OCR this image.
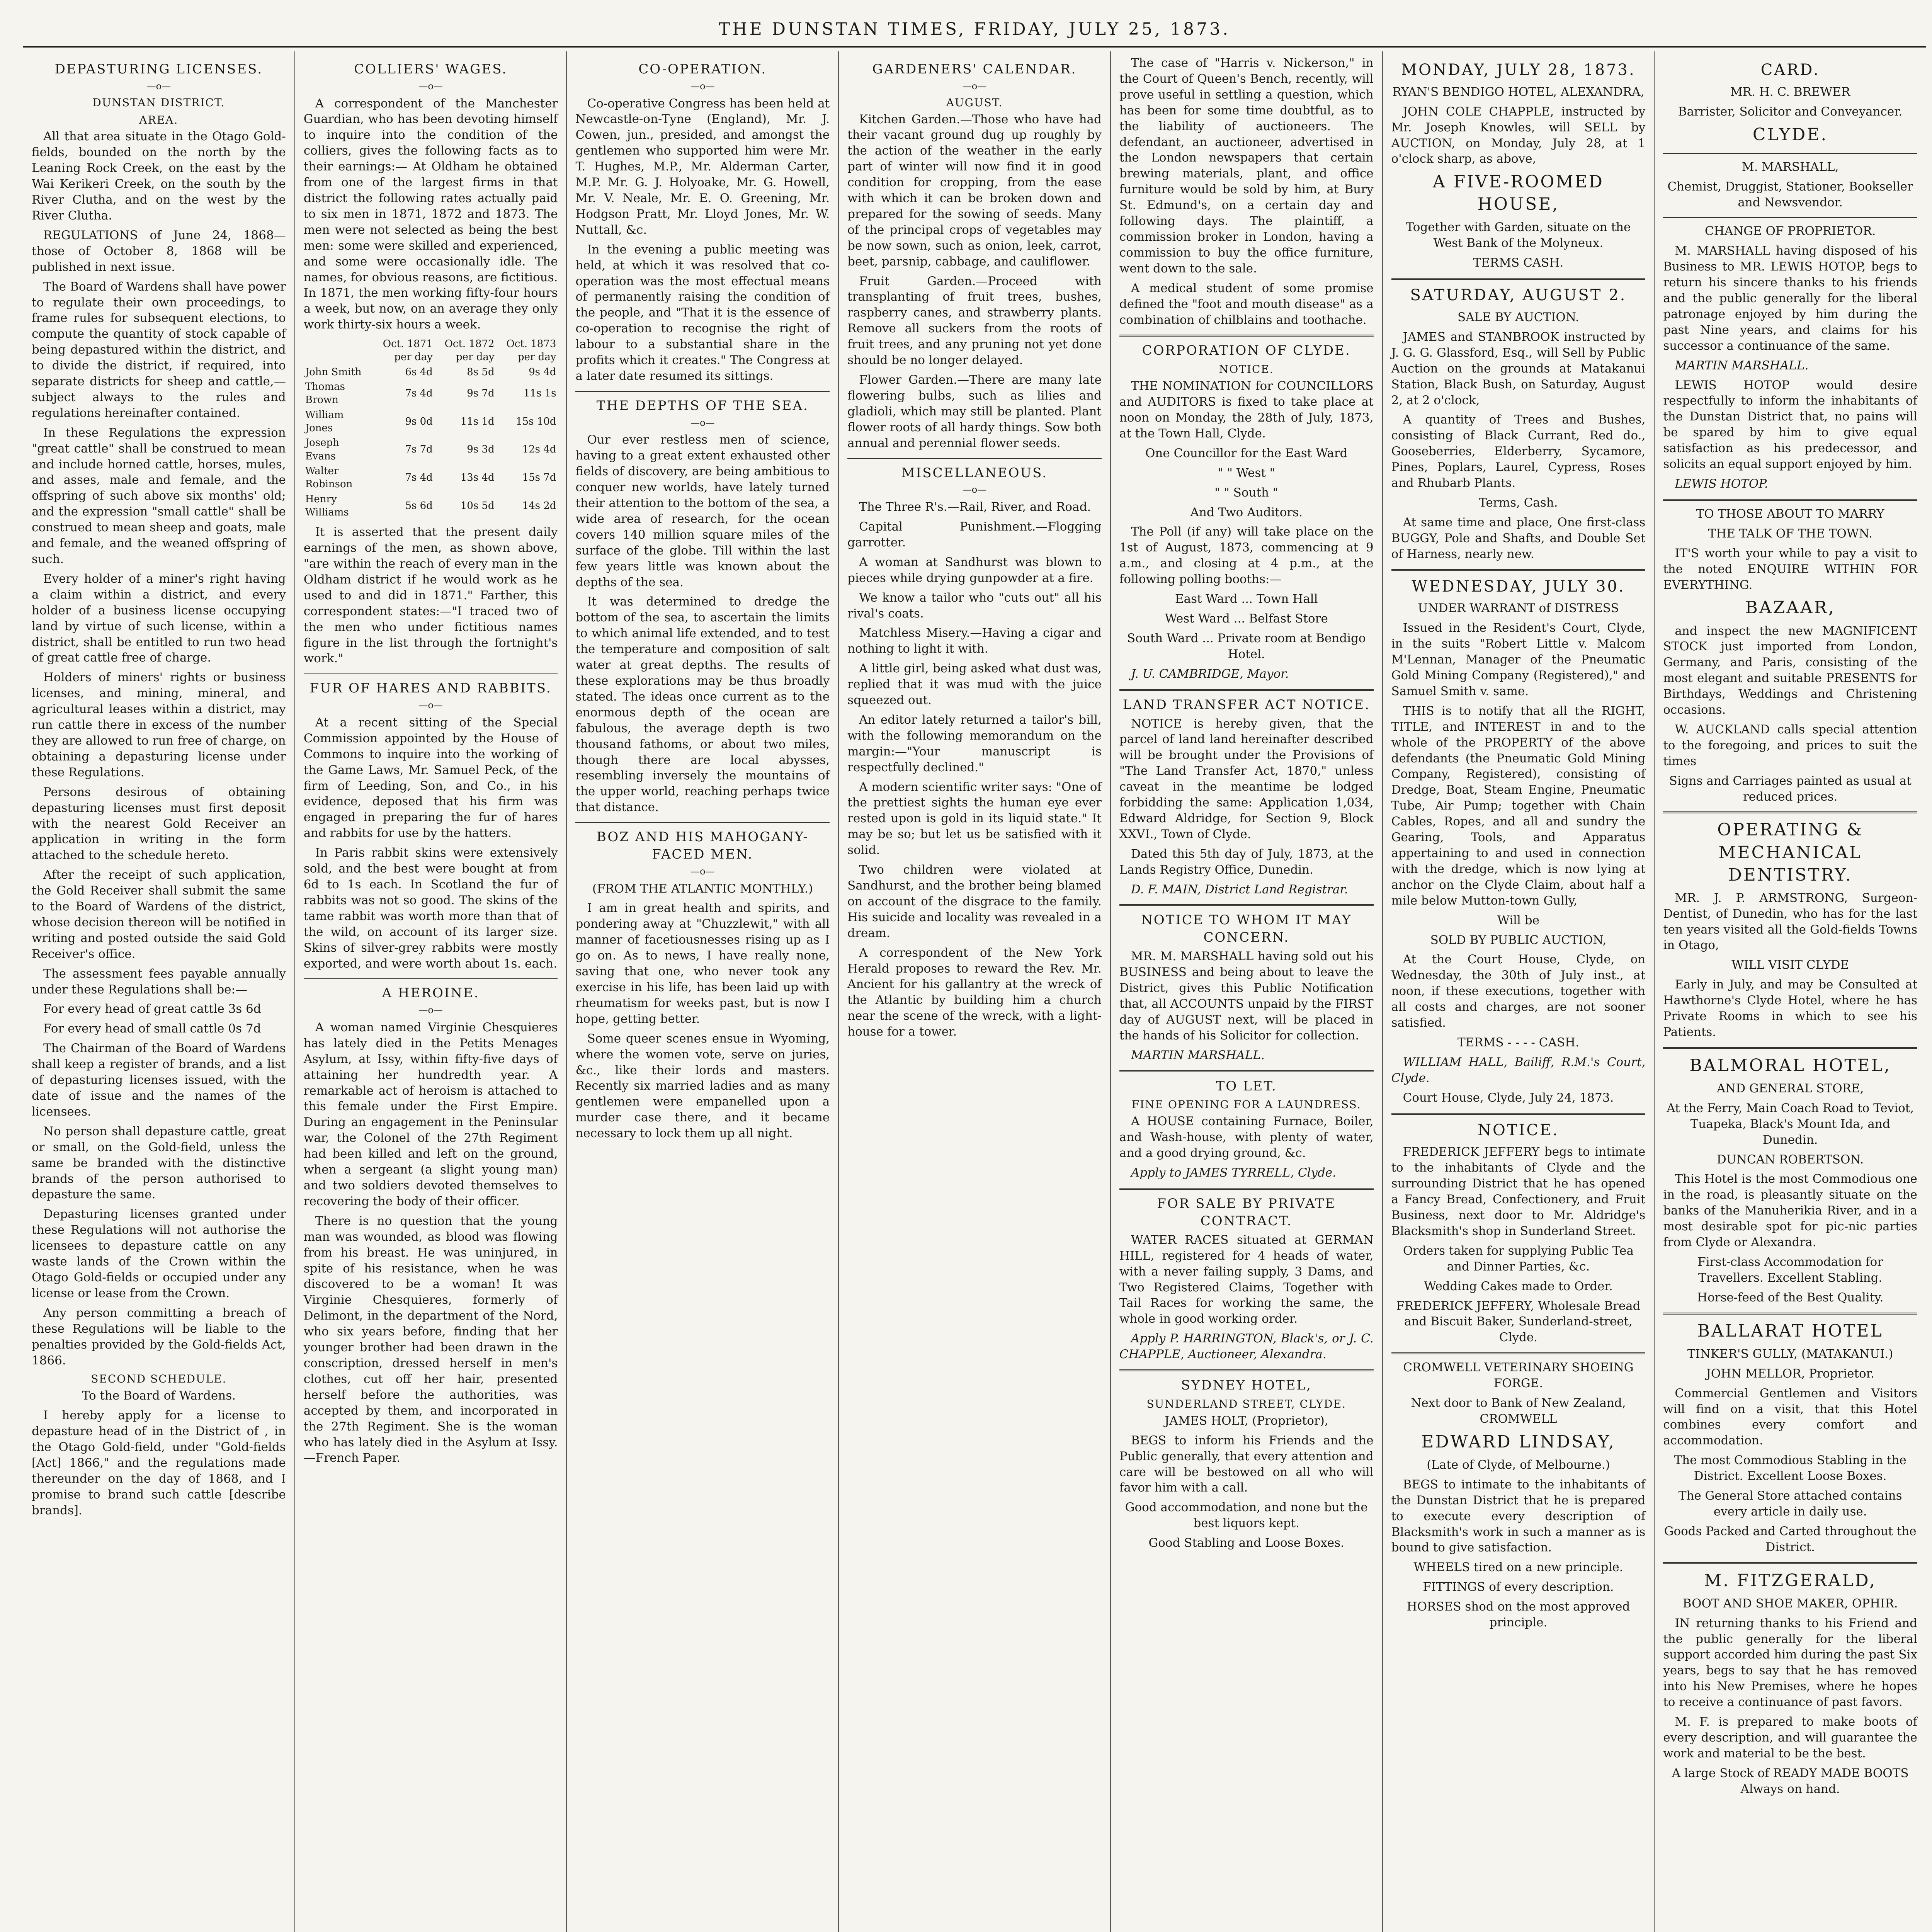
THE DUNSTAN TIMES, FRIDAY, JULY 25, 1873.
DEPASTURING LICENSES.
—o—
DUNSTAN DISTRICT.
AREA.

All that area situate in the Otago Gold-fields, bounded on the north by the Leaning Rock Creek, on the east by the Wai Kerikeri Creek, on the south by the River Clutha, and on the west by the River Clutha.

REGULATIONS of June 24, 1868—those of October 8, 1868 will be published in next issue.

The Board of Wardens shall have power to regulate their own proceedings, to frame rules for subsequent elections, to compute the quantity of stock capable of being depastured within the district, and to divide the district, if required, into separate districts for sheep and cattle,—subject always to the rules and regulations hereinafter contained.

In these Regulations the expression "great cattle" shall be construed to mean and include horned cattle, horses, mules, and asses, male and female, and the offspring of such above six months' old; and the expression "small cattle" shall be construed to mean sheep and goats, male and female, and the weaned offspring of such.

Every holder of a miner's right having a claim within a district, and every holder of a business license occupying land by virtue of such license, within a district, shall be entitled to run two head of great cattle free of charge.

Holders of miners' rights or business licenses, and mining, mineral, and agricultural leases within a district, may run cattle there in excess of the number they are allowed to run free of charge, on obtaining a depasturing license under these Regulations.

Persons desirous of obtaining depasturing licenses must first deposit with the nearest Gold Receiver an application in writing in the form attached to the schedule hereto.

After the receipt of such application, the Gold Receiver shall submit the same to the Board of Wardens of the district, whose decision thereon will be notified in writing and posted outside the said Gold Receiver's office.

The assessment fees payable annually under these Regulations shall be:—

For every head of great cattle 3s 6d

For every head of small cattle 0s 7d

The Chairman of the Board of Wardens shall keep a register of brands, and a list of depasturing licenses issued, with the date of issue and the names of the licensees.

No person shall depasture cattle, great or small, on the Gold-field, unless the same be branded with the distinctive brands of the person authorised to depasture the same.

Depasturing licenses granted under these Regulations will not authorise the licensees to depasture cattle on any waste lands of the Crown within the Otago Gold-fields or occupied under any license or lease from the Crown.

Any person committing a breach of these Regulations will be liable to the penalties provided by the Gold-fields Act, 1866.

SECOND SCHEDULE.

To the Board of Wardens.

I hereby apply for a license to depasture head of in the District of , in the Otago Gold-field, under "Gold-fields [Act] 1866," and the regulations made thereunder on the day of 1868, and I promise to brand such cattle [describe brands].

COLLIERS' WAGES.
—o—

A correspondent of the Manchester Guardian, who has been devoting himself to inquire into the condition of the colliers, gives the following facts as to their earnings:— At Oldham he obtained from one of the largest firms in that district the following rates actually paid to six men in 1871, 1872 and 1873. The men were not selected as being the best men: some were skilled and experienced, and some were occasionally idle. The names, for obvious reasons, are fictitious. In 1871, the men working fifty-four hours a week, but now, on an average they only work thirty-six hours a week.

	Oct. 1871 per day	Oct. 1872 per day	Oct. 1873 per day
John Smith	6s 4d	8s 5d	9s 4d
Thomas Brown	7s 4d	9s 7d	11s 1s
William Jones	9s 0d	11s 1d	15s 10d
Joseph Evans	7s 7d	9s 3d	12s 4d
Walter Robinson	7s 4d	13s 4d	15s 7d
Henry Williams	5s 6d	10s 5d	14s 2d

It is asserted that the present daily earnings of the men, as shown above, "are within the reach of every man in the Oldham district if he would work as he used to and did in 1871." Farther, this correspondent states:—"I traced two of the men who under fictitious names figure in the list through the fortnight's work."

FUR OF HARES AND RABBITS.
—o—

At a recent sitting of the Special Commission appointed by the House of Commons to inquire into the working of the Game Laws, Mr. Samuel Peck, of the firm of Leeding, Son, and Co., in his evidence, deposed that his firm was engaged in preparing the fur of hares and rabbits for use by the hatters.

In Paris rabbit skins were extensively sold, and the best were bought at from 6d to 1s each. In Scotland the fur of rabbits was not so good. The skins of the tame rabbit was worth more than that of the wild, on account of its larger size. Skins of silver-grey rabbits were mostly exported, and were worth about 1s. each.

A HEROINE.
—o—

A woman named Virginie Chesquieres has lately died in the Petits Menages Asylum, at Issy, within fifty-five days of attaining her hundredth year. A remarkable act of heroism is attached to this female under the First Empire. During an engagement in the Peninsular war, the Colonel of the 27th Regiment had been killed and left on the ground, when a sergeant (a slight young man) and two soldiers devoted themselves to recovering the body of their officer.

There is no question that the young man was wounded, as blood was flowing from his breast. He was uninjured, in spite of his resistance, when he was discovered to be a woman! It was Virginie Chesquieres, formerly of Delimont, in the department of the Nord, who six years before, finding that her younger brother had been drawn in the conscription, dressed herself in men's clothes, cut off her hair, presented herself before the authorities, was accepted by them, and incorporated in the 27th Regiment. She is the woman who has lately died in the Asylum at Issy.—French Paper.

CO-OPERATION.
—o—

Co-operative Congress has been held at Newcastle-on-Tyne (England), Mr. J. Cowen, jun., presided, and amongst the gentlemen who supported him were Mr. T. Hughes, M.P., Mr. Alderman Carter, M.P. Mr. G. J. Holyoake, Mr. G. Howell, Mr. V. Neale, Mr. E. O. Greening, Mr. Hodgson Pratt, Mr. Lloyd Jones, Mr. W. Nuttall, &c.

In the evening a public meeting was held, at which it was resolved that co-operation was the most effectual means of permanently raising the condition of the people, and "That it is the essence of co-operation to recognise the right of labour to a substantial share in the profits which it creates." The Congress at a later date resumed its sittings.

THE DEPTHS OF THE SEA.
—o—

Our ever restless men of science, having to a great extent exhausted other fields of discovery, are being ambitious to conquer new worlds, have lately turned their attention to the bottom of the sea, a wide area of research, for the ocean covers 140 million square miles of the surface of the globe. Till within the last few years little was known about the depths of the sea.

It was determined to dredge the bottom of the sea, to ascertain the limits to which animal life extended, and to test the temperature and composition of salt water at great depths. The results of these explorations may be thus broadly stated. The ideas once current as to the enormous depth of the ocean are fabulous, the average depth is two thousand fathoms, or about two miles, though there are local abysses, resembling inversely the mountains of the upper world, reaching perhaps twice that distance.

BOZ AND HIS MAHOGANY-FACED MEN.
—o—

(FROM THE ATLANTIC MONTHLY.)

I am in great health and spirits, and pondering away at "Chuzzlewit," with all manner of facetiousnesses rising up as I go on. As to news, I have really none, saving that one, who never took any exercise in his life, has been laid up with rheumatism for weeks past, but is now I hope, getting better.

Some queer scenes ensue in Wyoming, where the women vote, serve on juries, &c., like their lords and masters. Recently six married ladies and as many gentlemen were empanelled upon a murder case there, and it became necessary to lock them up all night.

GARDENERS' CALENDAR.
—o—
AUGUST.

Kitchen Garden.—Those who have had their vacant ground dug up roughly by the action of the weather in the early part of winter will now find it in good condition for cropping, from the ease with which it can be broken down and prepared for the sowing of seeds. Many of the principal crops of vegetables may be now sown, such as onion, leek, carrot, beet, parsnip, cabbage, and cauliflower.

Fruit Garden.—Proceed with transplanting of fruit trees, bushes, raspberry canes, and strawberry plants. Remove all suckers from the roots of fruit trees, and any pruning not yet done should be no longer delayed.

Flower Garden.—There are many late flowering bulbs, such as lilies and gladioli, which may still be planted. Plant flower roots of all hardy things. Sow both annual and perennial flower seeds.

MISCELLANEOUS.
—o—

The Three R's.—Rail, River, and Road.

Capital Punishment.—Flogging garrotter.

A woman at Sandhurst was blown to pieces while drying gunpowder at a fire.

We know a tailor who "cuts out" all his rival's coats.

Matchless Misery.—Having a cigar and nothing to light it with.

A little girl, being asked what dust was, replied that it was mud with the juice squeezed out.

An editor lately returned a tailor's bill, with the following memorandum on the margin:—"Your manuscript is respectfully declined."

A modern scientific writer says: "One of the prettiest sights the human eye ever rested upon is gold in its liquid state." It may be so; but let us be satisfied with it solid.

Two children were violated at Sandhurst, and the brother being blamed on account of the disgrace to the family. His suicide and locality was revealed in a dream.

A correspondent of the New York Herald proposes to reward the Rev. Mr. Ancient for his gallantry at the wreck of the Atlantic by building him a church near the scene of the wreck, with a light-house for a tower.

The case of "Harris v. Nickerson," in the Court of Queen's Bench, recently, will prove useful in settling a question, which has been for some time doubtful, as to the liability of auctioneers. The defendant, an auctioneer, advertised in the London newspapers that certain brewing materials, plant, and office furniture would be sold by him, at Bury St. Edmund's, on a certain day and following days. The plaintiff, a commission broker in London, having a commission to buy the office furniture, went down to the sale.

A medical student of some promise defined the "foot and mouth disease" as a combination of chilblains and toothache.

CORPORATION OF CLYDE.
NOTICE.

THE NOMINATION for COUNCILLORS and AUDITORS is fixed to take place at noon on Monday, the 28th of July, 1873, at the Town Hall, Clyde.

One Councillor for the East Ward

" " West "

" " South "

And Two Auditors.

The Poll (if any) will take place on the 1st of August, 1873, commencing at 9 a.m., and closing at 4 p.m., at the following polling booths:—

East Ward ... Town Hall

West Ward ... Belfast Store

South Ward ... Private room at Bendigo Hotel.

J. U. CAMBRIDGE, Mayor.

LAND TRANSFER ACT NOTICE.

NOTICE is hereby given, that the parcel of land land hereinafter described will be brought under the Provisions of "The Land Transfer Act, 1870," unless caveat in the meantime be lodged forbidding the same: Application 1,034, Edward Aldridge, for Section 9, Block XXVI., Town of Clyde.

Dated this 5th day of July, 1873, at the Lands Registry Office, Dunedin.

D. F. MAIN, District Land Registrar.

NOTICE TO WHOM IT MAY CONCERN.

MR. M. MARSHALL having sold out his BUSINESS and being about to leave the District, gives this Public Notification that, all ACCOUNTS unpaid by the FIRST day of AUGUST next, will be placed in the hands of his Solicitor for collection.

MARTIN MARSHALL.

TO LET.
FINE OPENING FOR A LAUNDRESS.

A HOUSE containing Furnace, Boiler, and Wash-house, with plenty of water, and a good drying ground, &c.

Apply to JAMES TYRRELL, Clyde.

FOR SALE BY PRIVATE CONTRACT.

WATER RACES situated at GERMAN HILL, registered for 4 heads of water, with a never failing supply, 3 Dams, and Two Registered Claims, Together with Tail Races for working the same, the whole in good working order.

Apply P. HARRINGTON, Black's, or J. C. CHAPPLE, Auctioneer, Alexandra.

SYDNEY HOTEL,
SUNDERLAND STREET, CLYDE.

JAMES HOLT, (Proprietor),

BEGS to inform his Friends and the Public generally, that every attention and care will be bestowed on all who will favor him with a call.

Good accommodation, and none but the best liquors kept.

Good Stabling and Loose Boxes.

MONDAY, JULY 28, 1873.

RYAN'S BENDIGO HOTEL, ALEXANDRA,

JOHN COLE CHAPPLE, instructed by Mr. Joseph Knowles, will SELL by AUCTION, on Monday, July 28, at 1 o'clock sharp, as above,

A FIVE-ROOMED HOUSE,

Together with Garden, situate on the West Bank of the Molyneux.

TERMS CASH.

SATURDAY, AUGUST 2.

SALE BY AUCTION.

JAMES and STANBROOK instructed by J. G. G. Glassford, Esq., will Sell by Public Auction on the grounds at Matakanui Station, Black Bush, on Saturday, August 2, at 2 o'clock,

A quantity of Trees and Bushes, consisting of Black Currant, Red do., Gooseberries, Elderberry, Sycamore, Pines, Poplars, Laurel, Cypress, Roses and Rhubarb Plants.

Terms, Cash.

At same time and place, One first-class BUGGY, Pole and Shafts, and Double Set of Harness, nearly new.

WEDNESDAY, JULY 30.

UNDER WARRANT of DISTRESS

Issued in the Resident's Court, Clyde, in the suits "Robert Little v. Malcom M'Lennan, Manager of the Pneumatic Gold Mining Company (Registered)," and Samuel Smith v. same.

THIS is to notify that all the RIGHT, TITLE, and INTEREST in and to the whole of the PROPERTY of the above defendants (the Pneumatic Gold Mining Company, Registered), consisting of Dredge, Boat, Steam Engine, Pneumatic Tube, Air Pump; together with Chain Cables, Ropes, and all and sundry the Gearing, Tools, and Apparatus appertaining to and used in connection with the dredge, which is now lying at anchor on the Clyde Claim, about half a mile below Mutton-town Gully,

Will be

SOLD BY PUBLIC AUCTION,

At the Court House, Clyde, on Wednesday, the 30th of July inst., at noon, if these executions, together with all costs and charges, are not sooner satisfied.

TERMS - - - - CASH.

WILLIAM HALL, Bailiff, R.M.'s Court, Clyde.

Court House, Clyde, July 24, 1873.

NOTICE.

FREDERICK JEFFERY begs to intimate to the inhabitants of Clyde and the surrounding District that he has opened a Fancy Bread, Confectionery, and Fruit Business, next door to Mr. Aldridge's Blacksmith's shop in Sunderland Street.

Orders taken for supplying Public Tea and Dinner Parties, &c.

Wedding Cakes made to Order.

FREDERICK JEFFERY, Wholesale Bread and Biscuit Baker, Sunderland-street, Clyde.

CROMWELL VETERINARY SHOEING FORGE.

Next door to Bank of New Zealand, CROMWELL

EDWARD LINDSAY,

(Late of Clyde, of Melbourne.)

BEGS to intimate to the inhabitants of the Dunstan District that he is prepared to execute every description of Blacksmith's work in such a manner as is bound to give satisfaction.

WHEELS tired on a new principle.

FITTINGS of every description.

HORSES shod on the most approved principle.

CARD.

MR. H. C. BREWER

Barrister, Solicitor and Conveyancer.

CLYDE.

M. MARSHALL,

Chemist, Druggist, Stationer, Bookseller and Newsvendor.

CHANGE OF PROPRIETOR.

M. MARSHALL having disposed of his Business to MR. LEWIS HOTOP, begs to return his sincere thanks to his friends and the public generally for the liberal patronage enjoyed by him during the past Nine years, and claims for his successor a continuance of the same.

MARTIN MARSHALL.

LEWIS HOTOP would desire respectfully to inform the inhabitants of the Dunstan District that, no pains will be spared by him to give equal satisfaction as his predecessor, and solicits an equal support enjoyed by him.

LEWIS HOTOP.

TO THOSE ABOUT TO MARRY

THE TALK OF THE TOWN.

IT'S worth your while to pay a visit to the noted ENQUIRE WITHIN FOR EVERYTHING.

BAZAAR,

and inspect the new MAGNIFICENT STOCK just imported from London, Germany, and Paris, consisting of the most elegant and suitable PRESENTS for Birthdays, Weddings and Christening occasions.

W. AUCKLAND calls special attention to the foregoing, and prices to suit the times

Signs and Carriages painted as usual at reduced prices.

OPERATING & MECHANICAL DENTISTRY.

MR. J. P. ARMSTRONG, Surgeon-Dentist, of Dunedin, who has for the last ten years visited all the Gold-fields Towns in Otago,

WILL VISIT CLYDE

Early in July, and may be Consulted at Hawthorne's Clyde Hotel, where he has Private Rooms in which to see his Patients.

BALMORAL HOTEL,

AND GENERAL STORE,

At the Ferry, Main Coach Road to Teviot, Tuapeka, Black's Mount Ida, and Dunedin.

DUNCAN ROBERTSON.

This Hotel is the most Commodious one in the road, is pleasantly situate on the banks of the Manuherikia River, and in a most desirable spot for pic-nic parties from Clyde or Alexandra.

First-class Accommodation for Travellers. Excellent Stabling.

Horse-feed of the Best Quality.

BALLARAT HOTEL

TINKER'S GULLY, (MATAKANUI.)

JOHN MELLOR, Proprietor.

Commercial Gentlemen and Visitors will find on a visit, that this Hotel combines every comfort and accommodation.

The most Commodious Stabling in the District. Excellent Loose Boxes.

The General Store attached contains every article in daily use.

Goods Packed and Carted throughout the District.

M. FITZGERALD,

BOOT AND SHOE MAKER, OPHIR.

IN returning thanks to his Friend and the public generally for the liberal support accorded him during the past Six years, begs to say that he has removed into his New Premises, where he hopes to receive a continuance of past favors.

M. F. is prepared to make boots of every description, and will guarantee the work and material to be the best.

A large Stock of READY MADE BOOTS Always on hand.
